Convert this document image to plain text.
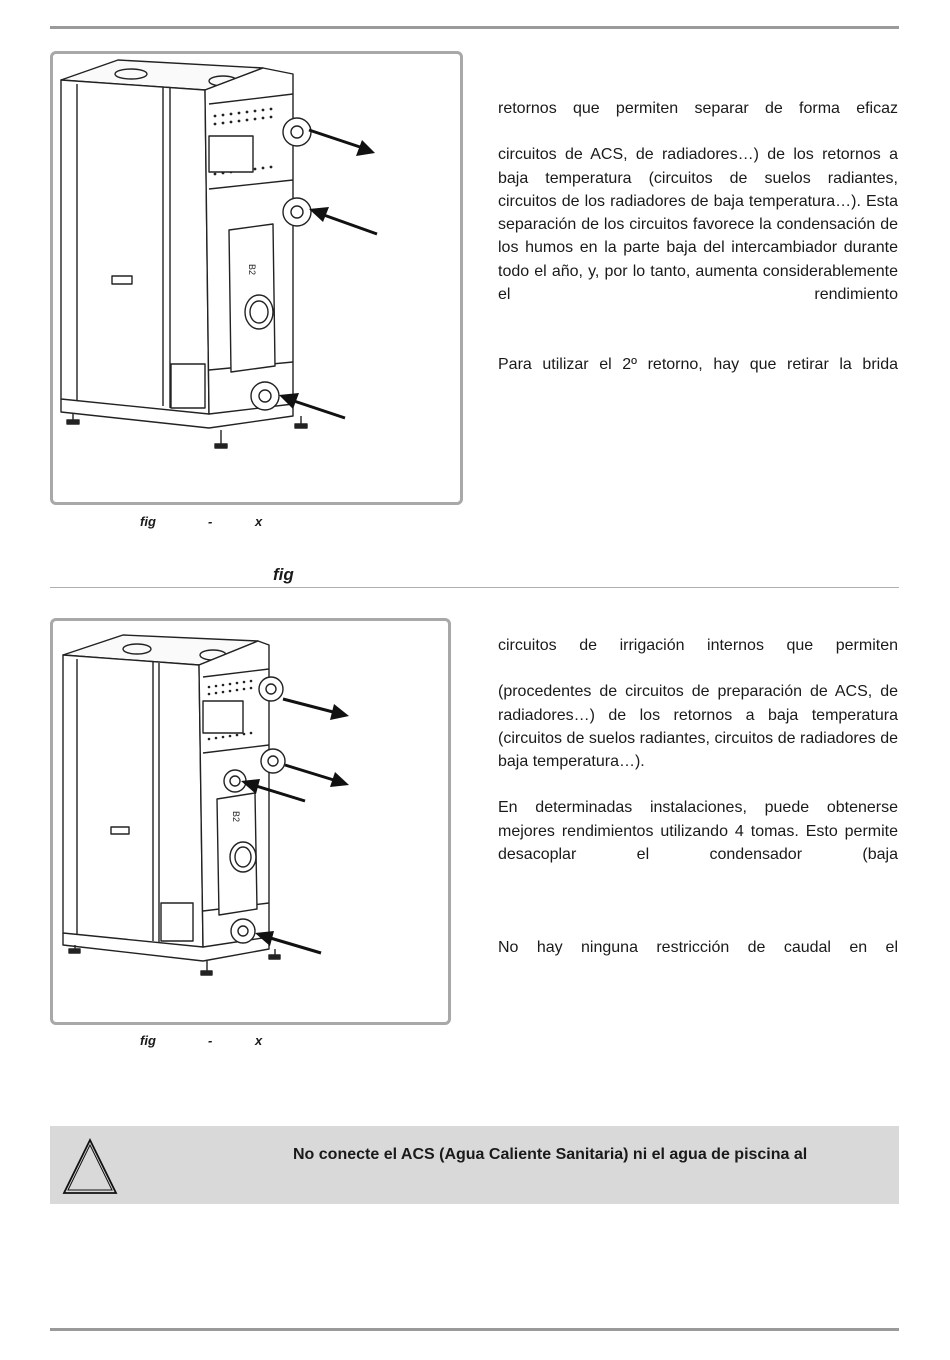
B2
fig	-	x

retornos que permiten separar de forma eficaz

circuitos de ACS, de radiadores…) de los retornos a baja temperatura (circuitos de suelos radiantes, circuitos de los radiadores de baja temperatura…). Esta separación de los circuitos favorece la condensación de los humos en la parte baja del intercambiador durante todo el año, y, por lo tanto, aumenta considerablemente el rendimiento

Para utilizar el 2º retorno, hay que retirar la brida

fig
B2
fig	-	x

circuitos de irrigación internos que permiten

(procedentes de circuitos de preparación de ACS, de radiadores…) de los retornos a baja temperatura (circuitos de suelos radiantes, circuitos de radiadores de baja temperatura…).

En determinadas instalaciones, puede obtenerse mejores rendimientos utilizando 4 tomas. Esto permite desacoplar el condensador (baja

No hay ninguna restricción de caudal en el

No conecte el ACS (Agua Caliente Sanitaria) ni el agua de piscina al
